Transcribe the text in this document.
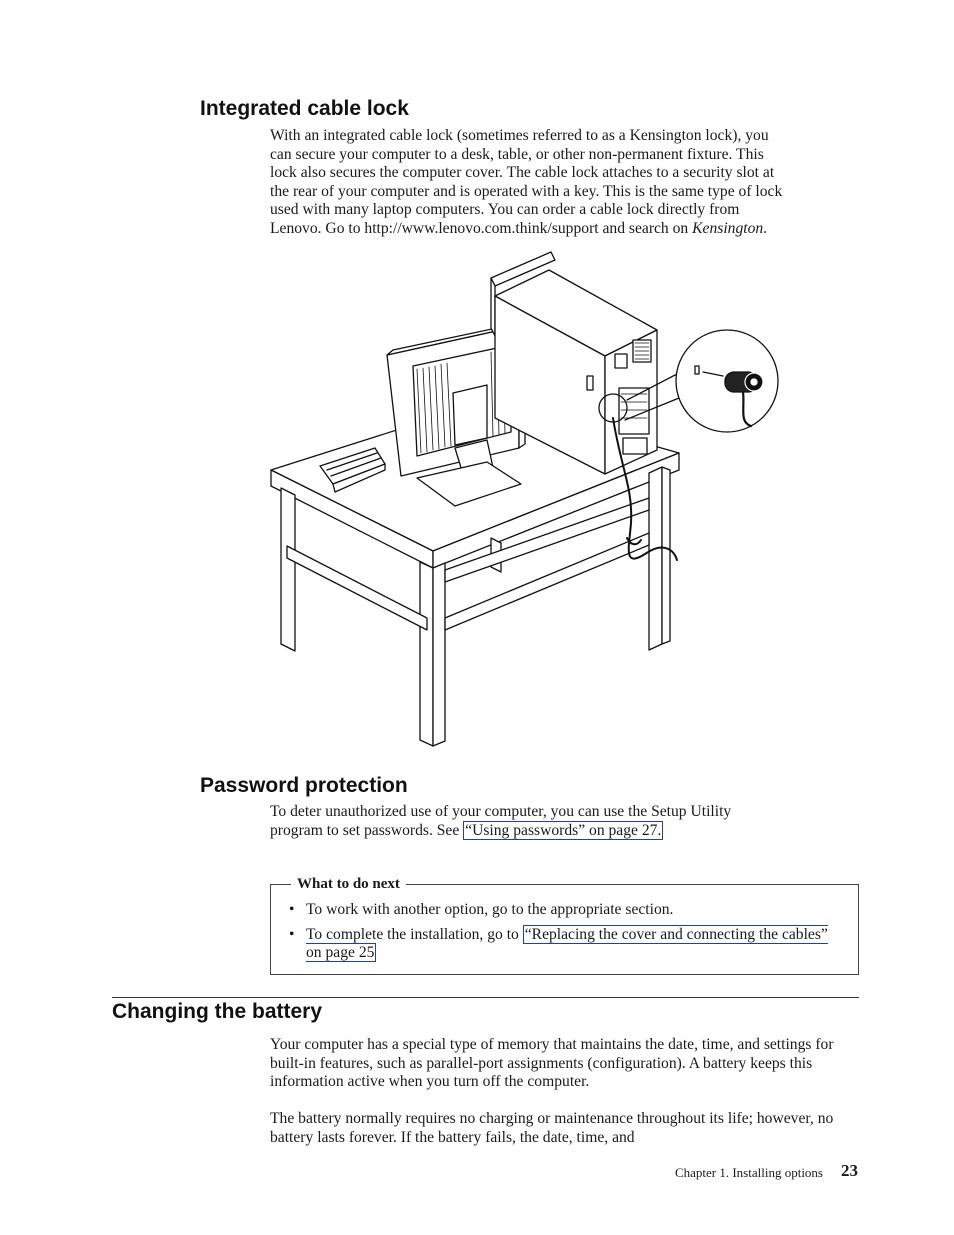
Integrated cable lock
With an integrated cable lock (sometimes referred to as a Kensington lock), you
can secure your computer to a desk, table, or other non-permanent fixture. This
lock also secures the computer cover. The cable lock attaches to a security slot at
the rear of your computer and is operated with a key. This is the same type of lock
used with many laptop computers. You can order a cable lock directly from
Lenovo. Go to http://www.lenovo.com.think/support and search on Kensington.
Password protection
To deter unauthorized use of your computer, you can use the Setup Utility
program to set passwords. See “Using passwords” on page 27.
What to do next
• To work with another option, go to the appropriate section.
• To complete the installation, go to “Replacing the cover and connecting the cables” on page 25
Changing the battery

Your computer has a special type of memory that maintains the date, time, and settings for built-in features, such as parallel-port assignments (configuration). A battery keeps this information active when you turn off the computer.

The battery normally requires no charging or maintenance throughout its life; however, no battery lasts forever. If the battery fails, the date, time, and

Chapter 1. Installing options 23
